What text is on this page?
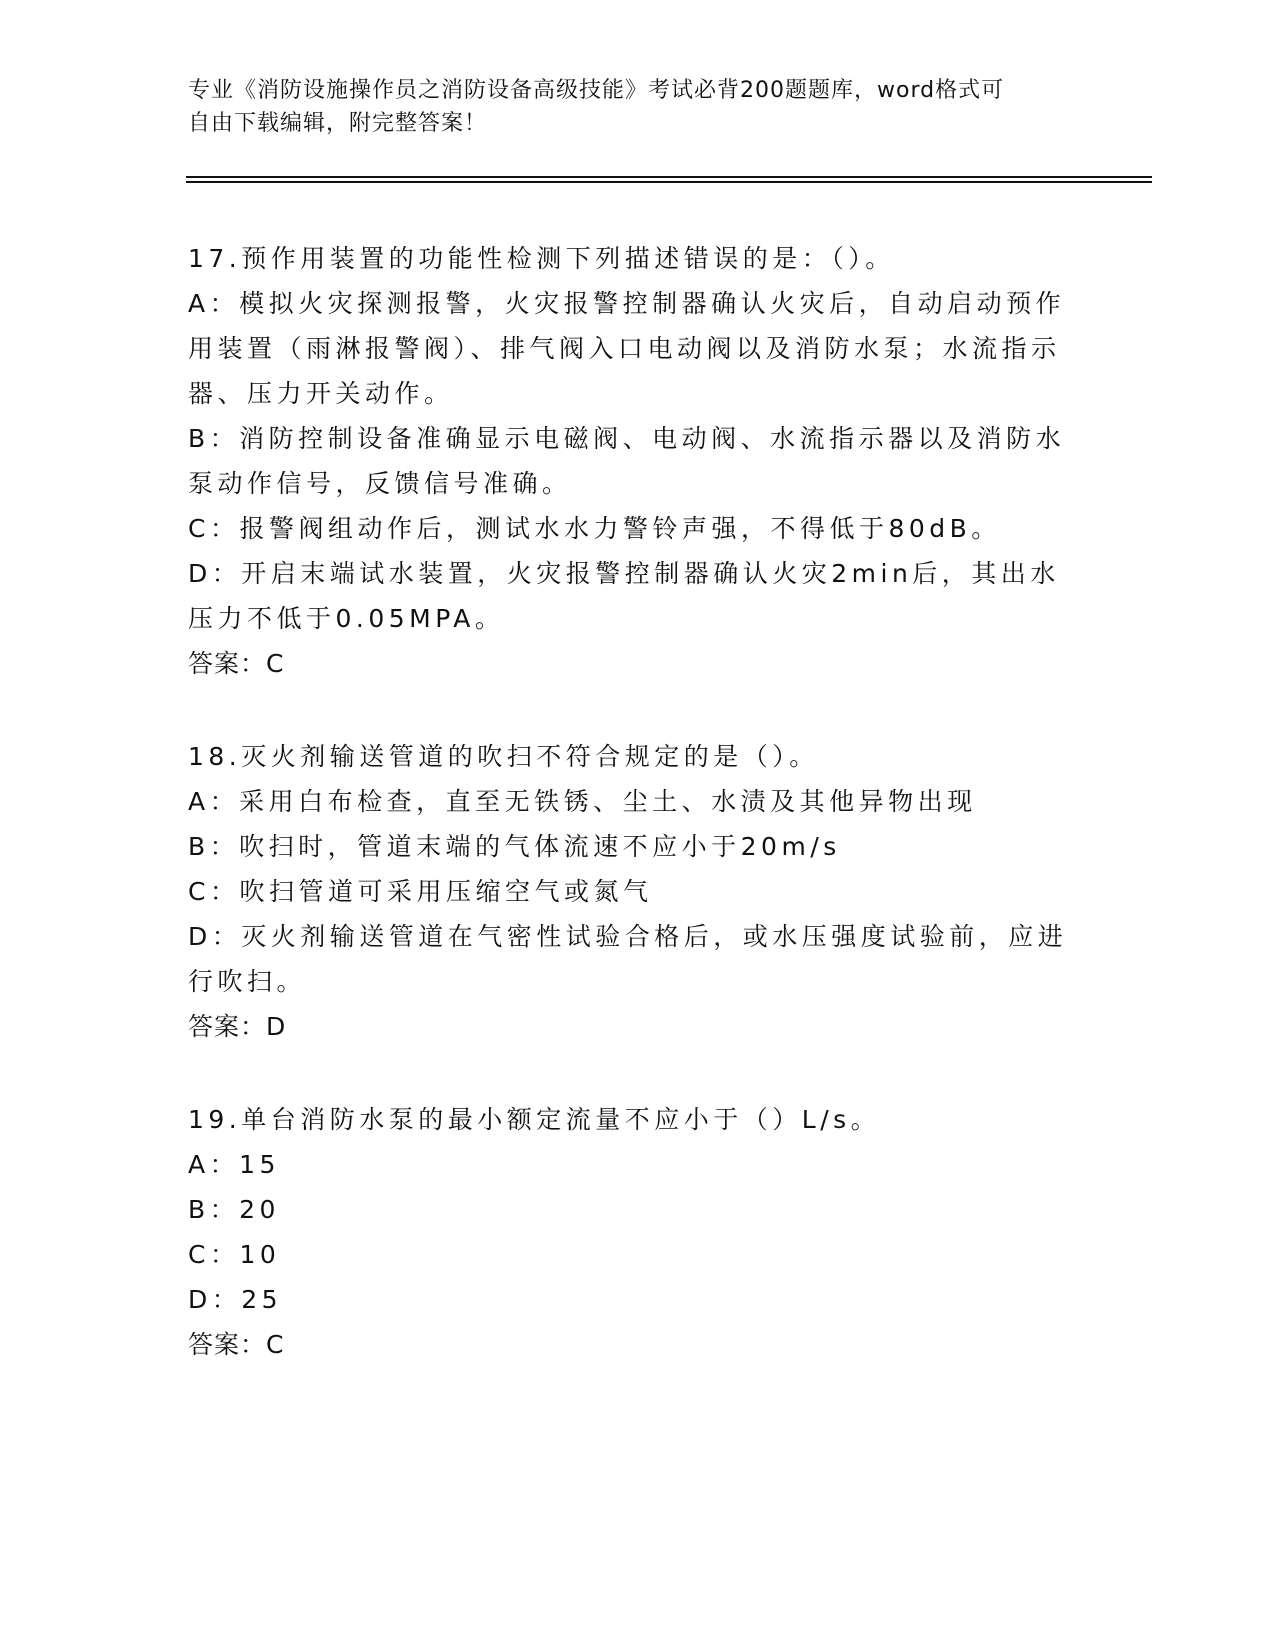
专业《消防设施操作员之消防设备高级技能》考试必背200题题库，word格式可
自由下载编辑，附完整答案！

17.预作用装置的功能性检测下列描述错误的是：（）。

A：模拟火灾探测报警，火灾报警控制器确认火灾后，自动启动预作用装置（雨淋报警阀）、排气阀入口电动阀以及消防水泵；水流指示器、压力开关动作。

B：消防控制设备准确显示电磁阀、电动阀、水流指示器以及消防水泵动作信号，反馈信号准确。

C：报警阀组动作后，测试水水力警铃声强，不得低于80dB。

D：开启末端试水装置，火灾报警控制器确认火灾2min后，其出水压力不低于0.05MPA。

答案：C

18.灭火剂输送管道的吹扫不符合规定的是（）。

A：采用白布检查，直至无铁锈、尘土、水渍及其他异物出现

B：吹扫时，管道末端的气体流速不应小于20m/s

C：吹扫管道可采用压缩空气或氮气

D：灭火剂输送管道在气密性试验合格后，或水压强度试验前，应进行吹扫。

答案：D

19.单台消防水泵的最小额定流量不应小于（）L/s。

A：15

B：20

C：10

D：25

答案：C
